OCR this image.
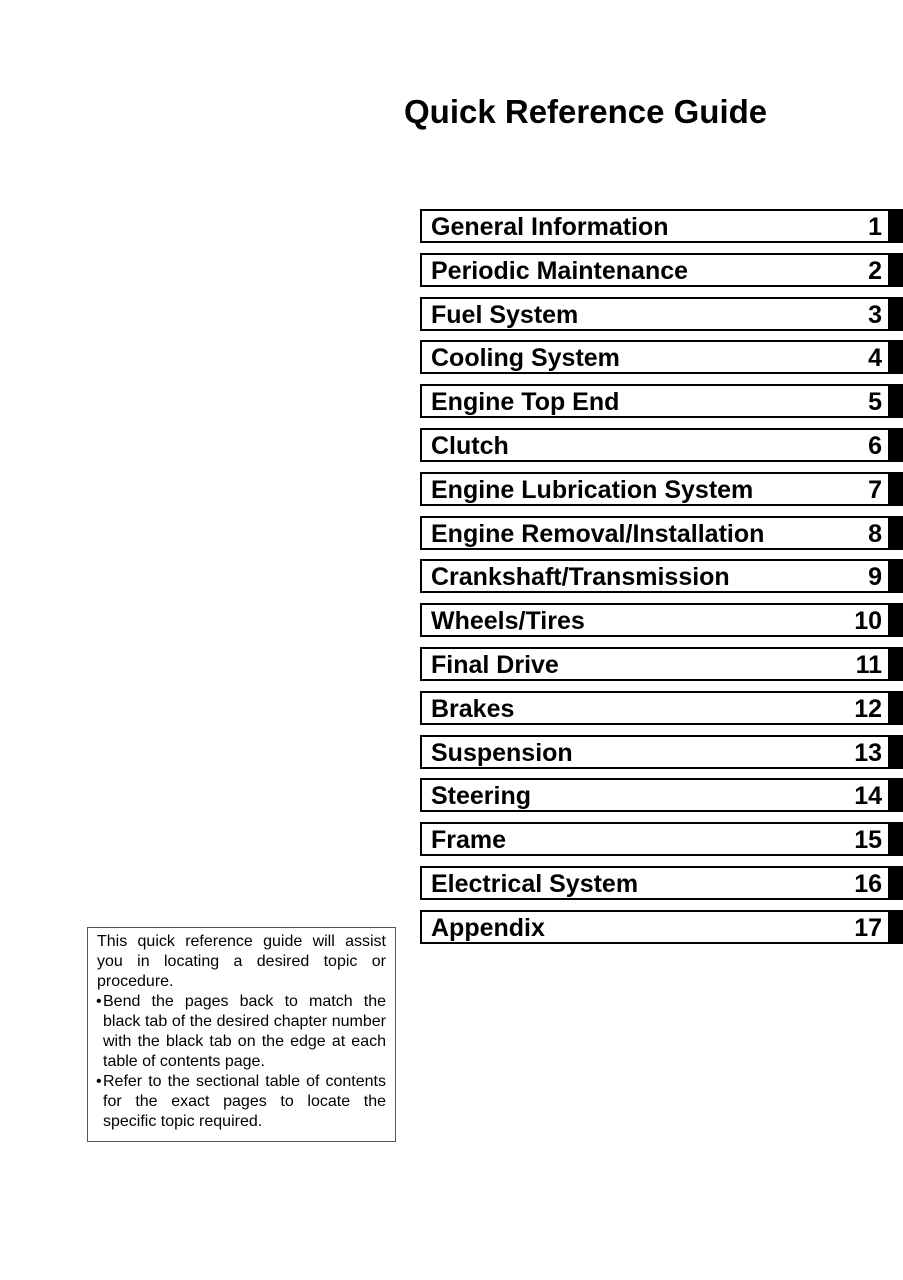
Quick Reference Guide
General Information	1
Periodic Maintenance	2
Fuel System	3
Cooling System	4
Engine Top End	5
Clutch	6
Engine Lubrication System	7
Engine Removal/Installation	8
Crankshaft/Transmission	9
Wheels/Tires	10
Final Drive	11
Brakes	12
Suspension	13
Steering	14
Frame	15
Electrical System	16
Appendix	17

This quick reference guide will assist you in locating a desired topic or procedure.

• Bend the pages back to match the black tab of the desired chapter number with the black tab on the edge at each table of contents page.

• Refer to the sectional table of contents for the exact pages to locate the specific topic required.
